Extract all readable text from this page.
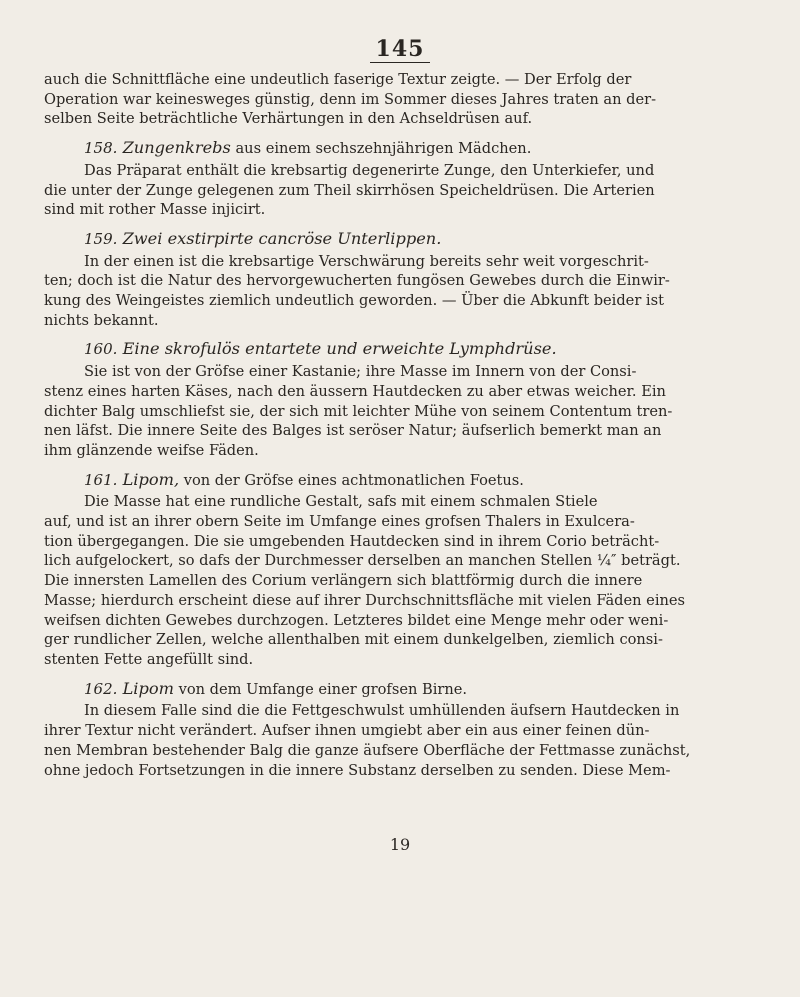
145

auch die Schnittfläche eine undeutlich faserige Textur zeigte. — Der Erfolg der
Operation war keinesweges günstig, denn im Sommer dieses Jahres traten an der-
selben Seite beträchtliche Verhärtungen in den Achseldrüsen auf.

158. Zungenkrebs aus einem sechszehnjährigen Mädchen.

Das Präparat enthält die krebsartig degenerirte Zunge, den Unterkiefer, und
die unter der Zunge gelegenen zum Theil skirrhösen Speicheldrüsen. Die Arterien
sind mit rother Masse injicirt.

159. Zwei exstirpirte cancröse Unterlippen.

In der einen ist die krebsartige Verschwärung bereits sehr weit vorgeschrit-
ten; doch ist die Natur des hervorgewucherten fungösen Gewebes durch die Einwir-
kung des Weingeistes ziemlich undeutlich geworden. — Über die Abkunft beider ist
nichts bekannt.

160. Eine skrofulös entartete und erweichte Lymphdrüse.

Sie ist von der Gröfse einer Kastanie; ihre Masse im Innern von der Consi-
stenz eines harten Käses, nach den äussern Hautdecken zu aber etwas weicher. Ein
dichter Balg umschliefst sie, der sich mit leichter Mühe von seinem Contentum tren-
nen läfst. Die innere Seite des Balges ist seröser Natur; äufserlich bemerkt man an
ihm glänzende weifse Fäden.

161. Lipom, von der Gröfse eines achtmonatlichen Foetus.

Die Masse hat eine rundliche Gestalt, safs mit einem schmalen Stiele
auf, und ist an ihrer obern Seite im Umfange eines grofsen Thalers in Exulcera-
tion übergegangen. Die sie umgebenden Hautdecken sind in ihrem Corio beträcht-
lich aufgelockert, so dafs der Durchmesser derselben an manchen Stellen ¼″ beträgt.
Die innersten Lamellen des Corium verlängern sich blattförmig durch die innere
Masse; hierdurch erscheint diese auf ihrer Durchschnittsfläche mit vielen Fäden eines
weifsen dichten Gewebes durchzogen. Letzteres bildet eine Menge mehr oder weni-
ger rundlicher Zellen, welche allenthalben mit einem dunkelgelben, ziemlich consi-
stenten Fette angefüllt sind.

162. Lipom von dem Umfange einer grofsen Birne.

In diesem Falle sind die die Fettgeschwulst umhüllenden äufsern Hautdecken in
ihrer Textur nicht verändert. Aufser ihnen umgiebt aber ein aus einer feinen dün-
nen Membran bestehender Balg die ganze äufsere Oberfläche der Fettmasse zunächst,
ohne jedoch Fortsetzungen in die innere Substanz derselben zu senden. Diese Mem-

19
